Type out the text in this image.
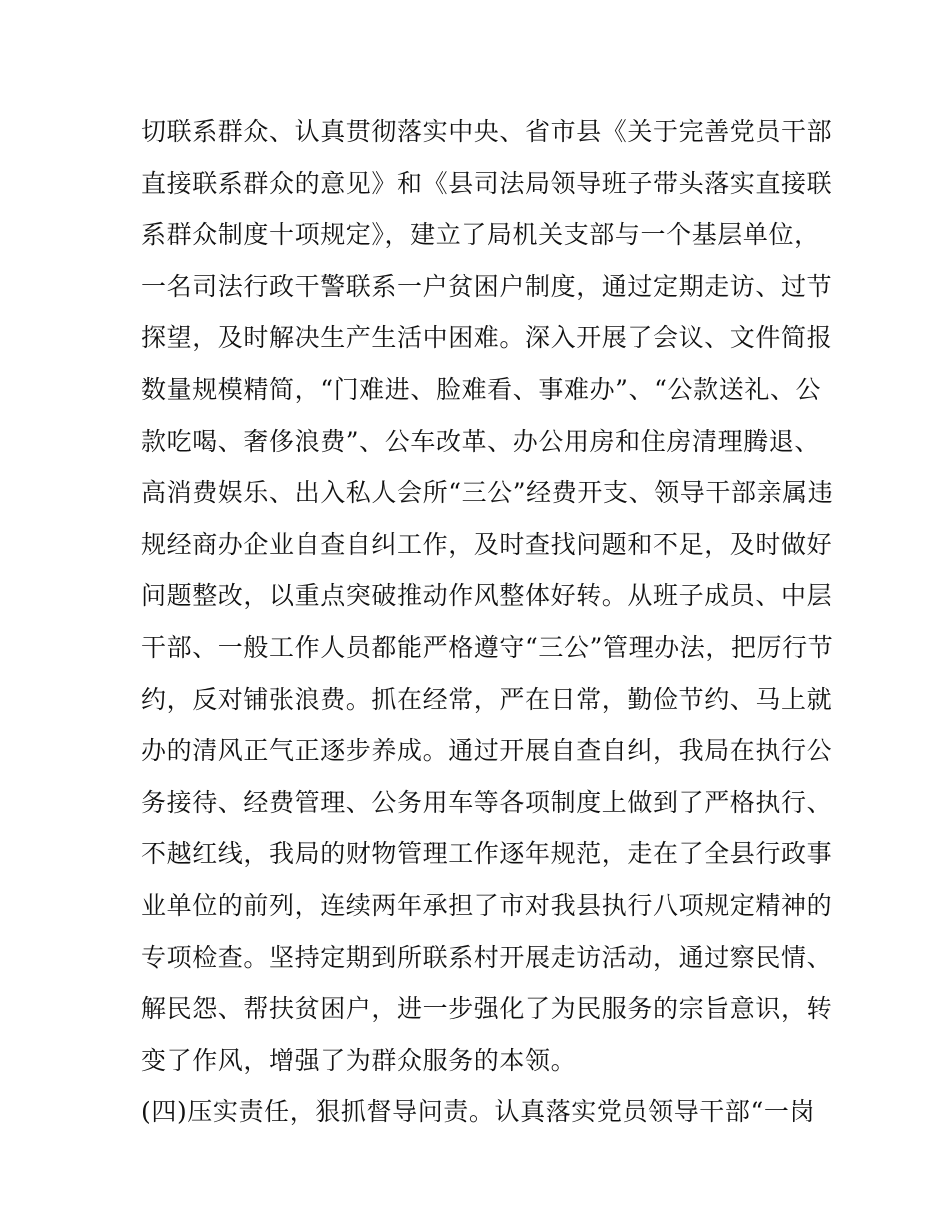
切联系群众、认真贯彻落实中央、省市县《关于完善党员干部
直接联系群众的意见》和《县司法局领导班子带头落实直接联
系群众制度十项规定》，建立了局机关支部与一个基层单位，
一名司法行政干警联系一户贫困户制度，通过定期走访、过节
探望，及时解决生产生活中困难。深入开展了会议、文件简报
数量规模精简，“门难进、脸难看、事难办”、“公款送礼、公
款吃喝、奢侈浪费”、公车改革、办公用房和住房清理腾退、
高消费娱乐、出入私人会所“三公”经费开支、领导干部亲属违
规经商办企业自查自纠工作，及时查找问题和不足，及时做好
问题整改，以重点突破推动作风整体好转。从班子成员、中层
干部、一般工作人员都能严格遵守“三公”管理办法，把厉行节
约，反对铺张浪费。抓在经常，严在日常，勤俭节约、马上就
办的清风正气正逐步养成。通过开展自查自纠，我局在执行公
务接待、经费管理、公务用车等各项制度上做到了严格执行、
不越红线，我局的财物管理工作逐年规范，走在了全县行政事
业单位的前列，连续两年承担了市对我县执行八项规定精神的
专项检查。坚持定期到所联系村开展走访活动，通过察民情、
解民怨、帮扶贫困户，进一步强化了为民服务的宗旨意识，转
变了作风，增强了为群众服务的本领。
(四)压实责任，狠抓督导问责。认真落实党员领导干部“一岗
